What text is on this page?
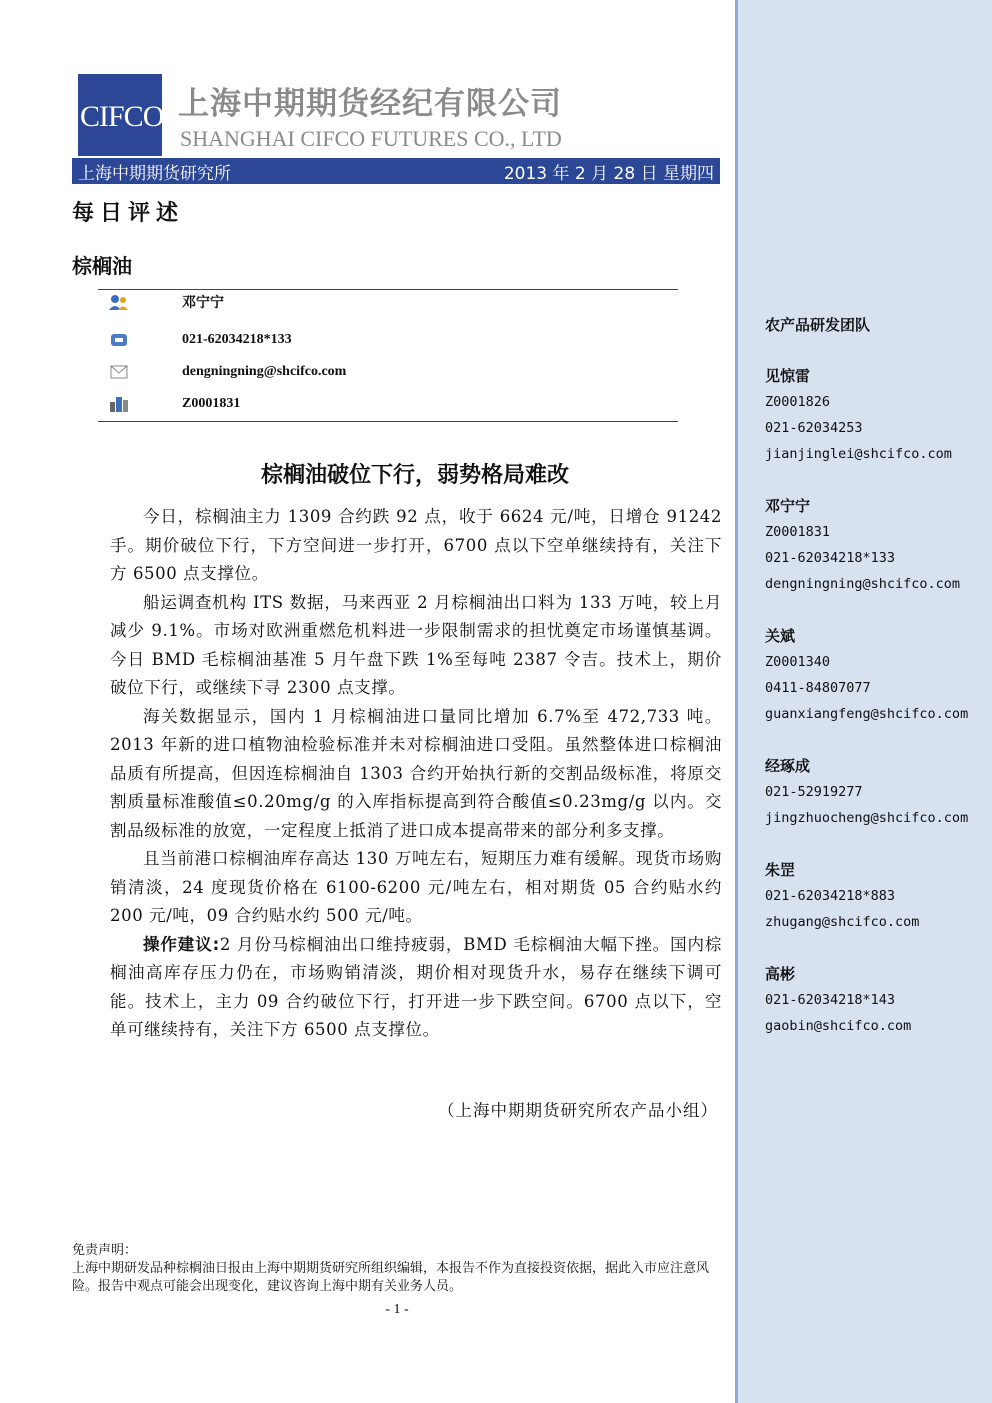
CIFCO 上海中期期货经纪有限公司
SHANGHAI CIFCO FUTURES CO., LTD
上海中期期货研究所	2013 年 2 月 28 日 星期四
每日评述
棕榈油
邓宁宁
021-62034218*133
dengningning@shcifco.com
Z0001831
棕榈油破位下行，弱势格局难改

今日，棕榈油主力 1309 合约跌 92 点，收于 6624 元/吨，日增仓 91242 手。期价破位下行，下方空间进一步打开，6700 点以下空单继续持有，关注下方 6500 点支撑位。

船运调查机构 ITS 数据，马来西亚 2 月棕榈油出口料为 133 万吨，较上月减少 9.1%。市场对欧洲重燃危机料进一步限制需求的担忧奠定市场谨慎基调。今日 BMD 毛棕榈油基准 5 月午盘下跌 1%至每吨 2387 令吉。技术上，期价破位下行，或继续下寻 2300 点支撑。

海关数据显示，国内 1 月棕榈油进口量同比增加 6.7%至 472,733 吨。2013 年新的进口植物油检验标准并未对棕榈油进口受阻。虽然整体进口棕榈油品质有所提高，但因连棕榈油自 1303 合约开始执行新的交割品级标准，将原交割质量标准酸值≤0.20mg/g 的入库指标提高到符合酸值≤0.23mg/g 以内。交割品级标准的放宽，一定程度上抵消了进口成本提高带来的部分利多支撑。

且当前港口棕榈油库存高达 130 万吨左右，短期压力难有缓解。现货市场购销清淡，24 度现货价格在 6100-6200 元/吨左右，相对期货 05 合约贴水约 200 元/吨，09 合约贴水约 500 元/吨。

操作建议:2 月份马棕榈油出口维持疲弱，BMD 毛棕榈油大幅下挫。国内棕榈油高库存压力仍在，市场购销清淡，期价相对现货升水，易存在继续下调可能。技术上，主力 09 合约破位下行，打开进一步下跌空间。6700 点以下，空单可继续持有，关注下方 6500 点支撑位。

（上海中期期货研究所农产品小组）
免责声明：
上海中期研发品种棕榈油日报由上海中期期货研究所组织编辑，本报告不作为直接投资依据，据此入市应注意风险。报告中观点可能会出现变化，建议咨询上海中期有关业务人员。
- 1 -
农产品研发团队
见惊雷
Z0001826
021-62034253
jianjinglei@shcifco.com
邓宁宁
Z0001831
021-62034218*133
dengningning@shcifco.com
关斌
Z0001340
0411-84807077
guanxiangfeng@shcifco.com
经琢成
021-52919277
jingzhuocheng@shcifco.com
朱罡
021-62034218*883
zhugang@shcifco.com
高彬
021-62034218*143
gaobin@shcifco.com
